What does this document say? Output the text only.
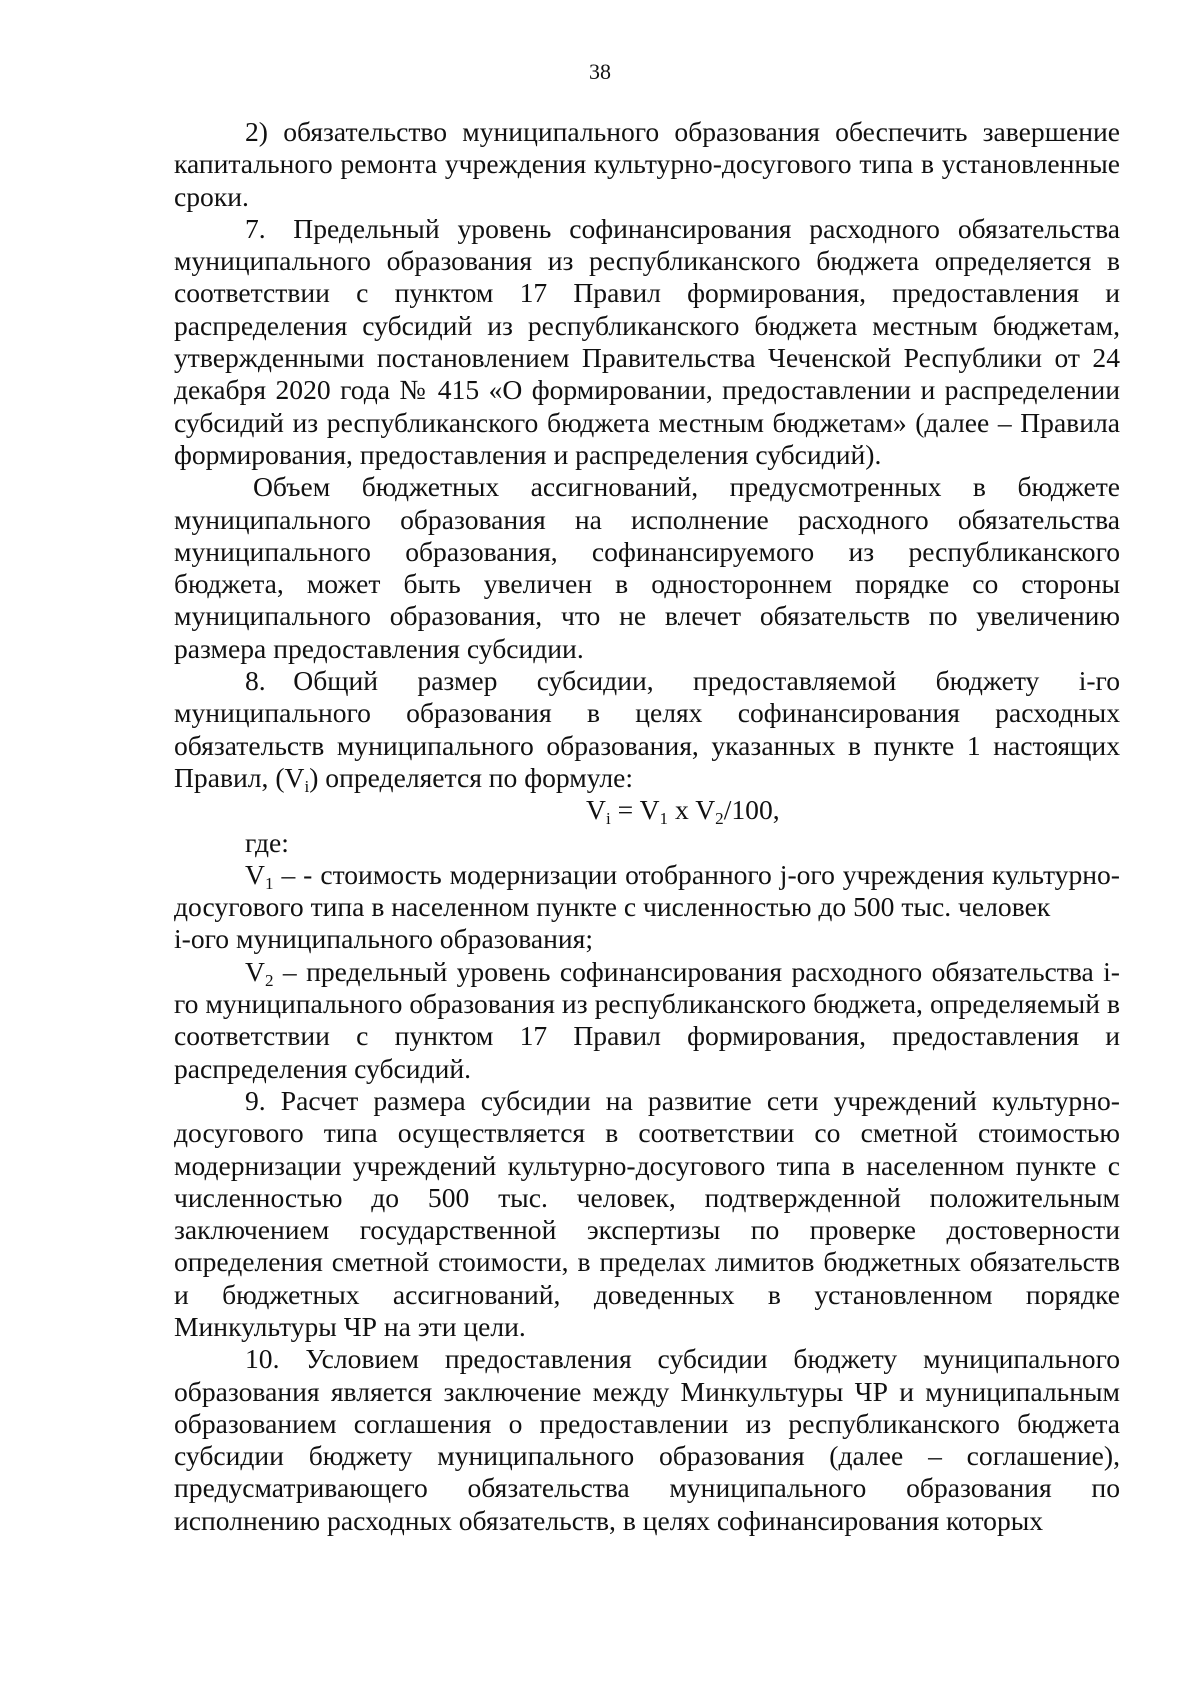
38

2) обязательство муниципального образования обеспечить завершение капитального ремонта учреждения культурно-досугового типа в установленные сроки.

7. Предельный уровень софинансирования расходного обязательства муниципального образования из республиканского бюджета определяется в соответствии с пунктом 17 Правил формирования, предоставления и распределения субсидий из республиканского бюджета местным бюджетам, утвержденными постановлением Правительства Чеченской Республики от 24 декабря 2020 года № 415 «О формировании, предоставлении и распределении субсидий из республиканского бюджета местным бюджетам» (далее – Правила формирования, предоставления и распределения субсидий).

Объем бюджетных ассигнований, предусмотренных в бюджете муниципального образования на исполнение расходного обязательства муниципального образования, софинансируемого из республиканского бюджета, может быть увеличен в одностороннем порядке со стороны муниципального образования, что не влечет обязательств по увеличению размера предоставления субсидии.

8. Общий размер субсидии, предоставляемой бюджету i-го муниципального образования в целях софинансирования расходных обязательств муниципального образования, указанных в пункте 1 настоящих Правил, $(V_i)$ определяется по формуле:

$V_i = V_1$ x $V_2/100$,

где:

$V_1$ – - стоимость модернизации отобранного j-ого учреждения культурно-досугового типа в населенном пункте с численностью до 500 тыс. человек

i-ого муниципального образования;

$V_2$ – предельный уровень софинансирования расходного обязательства i-го муниципального образования из республиканского бюджета, определяемый в соответствии с пунктом 17 Правил формирования, предоставления и распределения субсидий.

9. Расчет размера субсидии на развитие сети учреждений культурно-досугового типа осуществляется в соответствии со сметной стоимостью модернизации учреждений культурно-досугового типа в населенном пункте с численностью до 500 тыс. человек, подтвержденной положительным заключением государственной экспертизы по проверке достоверности определения сметной стоимости, в пределах лимитов бюджетных обязательств и бюджетных ассигнований, доведенных в установленном порядке Минкультуры ЧР на эти цели.

10. Условием предоставления субсидии бюджету муниципального образования является заключение между Минкультуры ЧР и муниципальным образованием соглашения о предоставлении из республиканского бюджета субсидии бюджету муниципального образования (далее – соглашение), предусматривающего обязательства муниципального образования по исполнению расходных обязательств, в целях софинансирования которых
